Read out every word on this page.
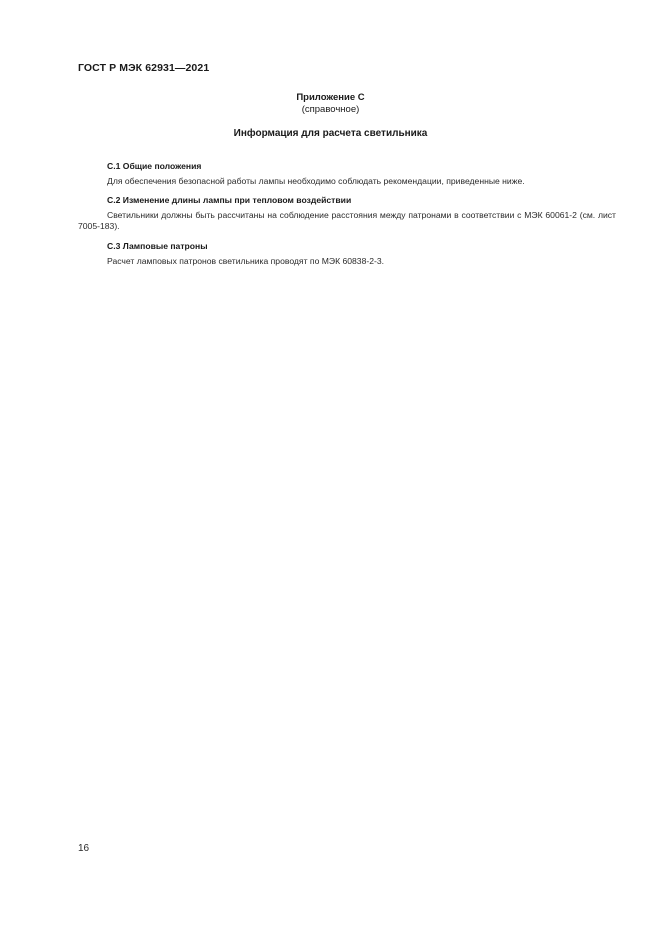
ГОСТ Р МЭК 62931—2021
Приложение С
(справочное)
Информация для расчета светильника
С.1 Общие положения

Для обеспечения безопасной работы лампы необходимо соблюдать рекомендации, приведенные ниже.

С.2 Изменение длины лампы при тепловом воздействии

Светильники должны быть рассчитаны на соблюдение расстояния между патронами в соответствии с МЭК 60061-2 (см. лист 7005-183).

С.3 Ламповые патроны

Расчет ламповых патронов светильника проводят по МЭК 60838-2-3.

16
